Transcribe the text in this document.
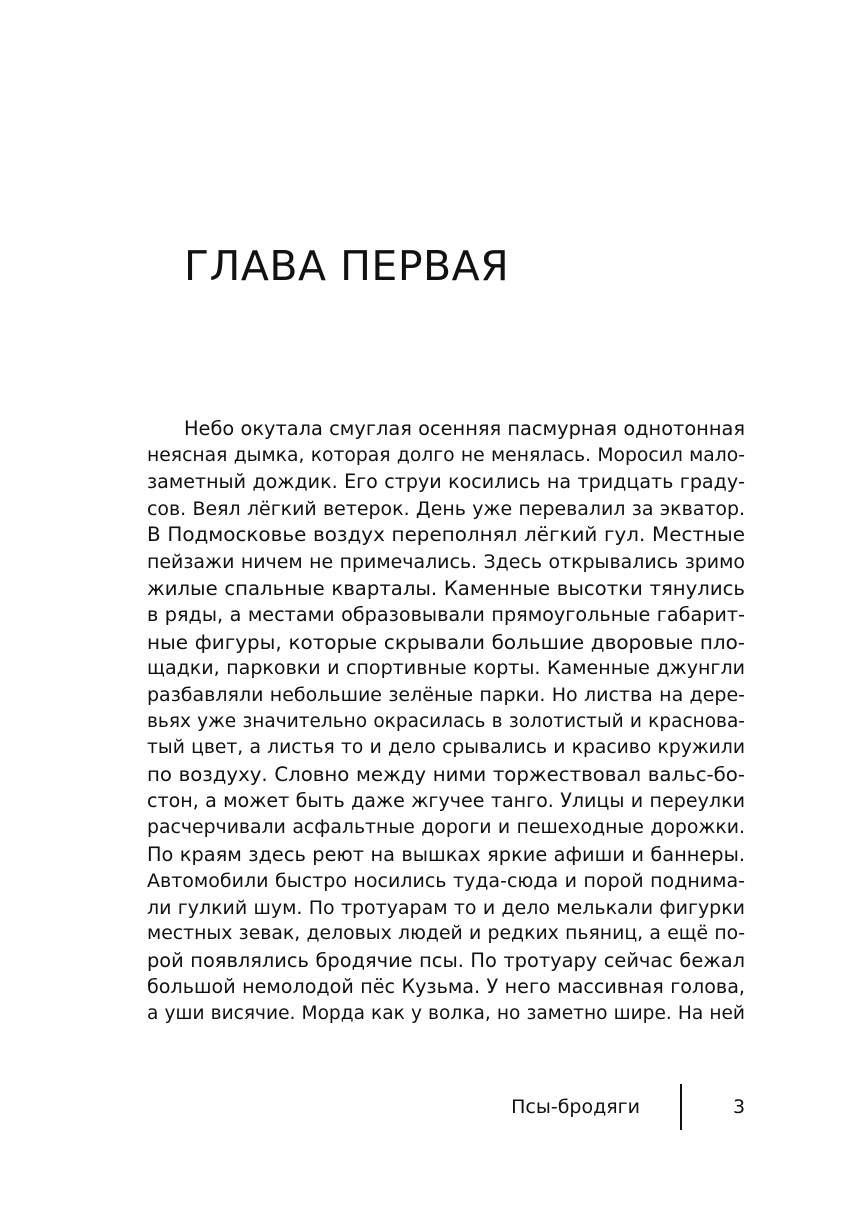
ГЛАВА ПЕРВАЯ
Небо окутала смуглая осенняя пасмурная однотонная
неясная дымка, которая долго не менялась. Моросил мало-
заметный дождик. Его струи косились на тридцать граду-
сов. Веял лёгкий ветерок. День уже перевалил за экватор.
В Подмосковье воздух переполнял лёгкий гул. Местные
пейзажи ничем не примечались. Здесь открывались зримо
жилые спальные кварталы. Каменные высотки тянулись
в ряды, а местами образовывали прямоугольные габарит-
ные фигуры, которые скрывали большие дворовые пло-
щадки, парковки и спортивные корты. Каменные джунгли
разбавляли небольшие зелёные парки. Но листва на дере-
вьях уже значительно окрасилась в золотистый и краснова-
тый цвет, а листья то и дело срывались и красиво кружили
по воздуху. Словно между ними торжествовал вальс-бо-
стон, а может быть даже жгучее танго. Улицы и переулки
расчерчивали асфальтные дороги и пешеходные дорожки.
По краям здесь реют на вышках яркие афиши и баннеры.
Автомобили быстро носились туда-сюда и порой поднима-
ли гулкий шум. По тротуарам то и дело мелькали фигурки
местных зевак, деловых людей и редких пьяниц, а ещё по-
рой появлялись бродячие псы. По тротуару сейчас бежал
большой немолодой пёс Кузьма. У него массивная голова,
а уши висячие. Морда как у волка, но заметно шире. На ней
Псы-бродяги	3
